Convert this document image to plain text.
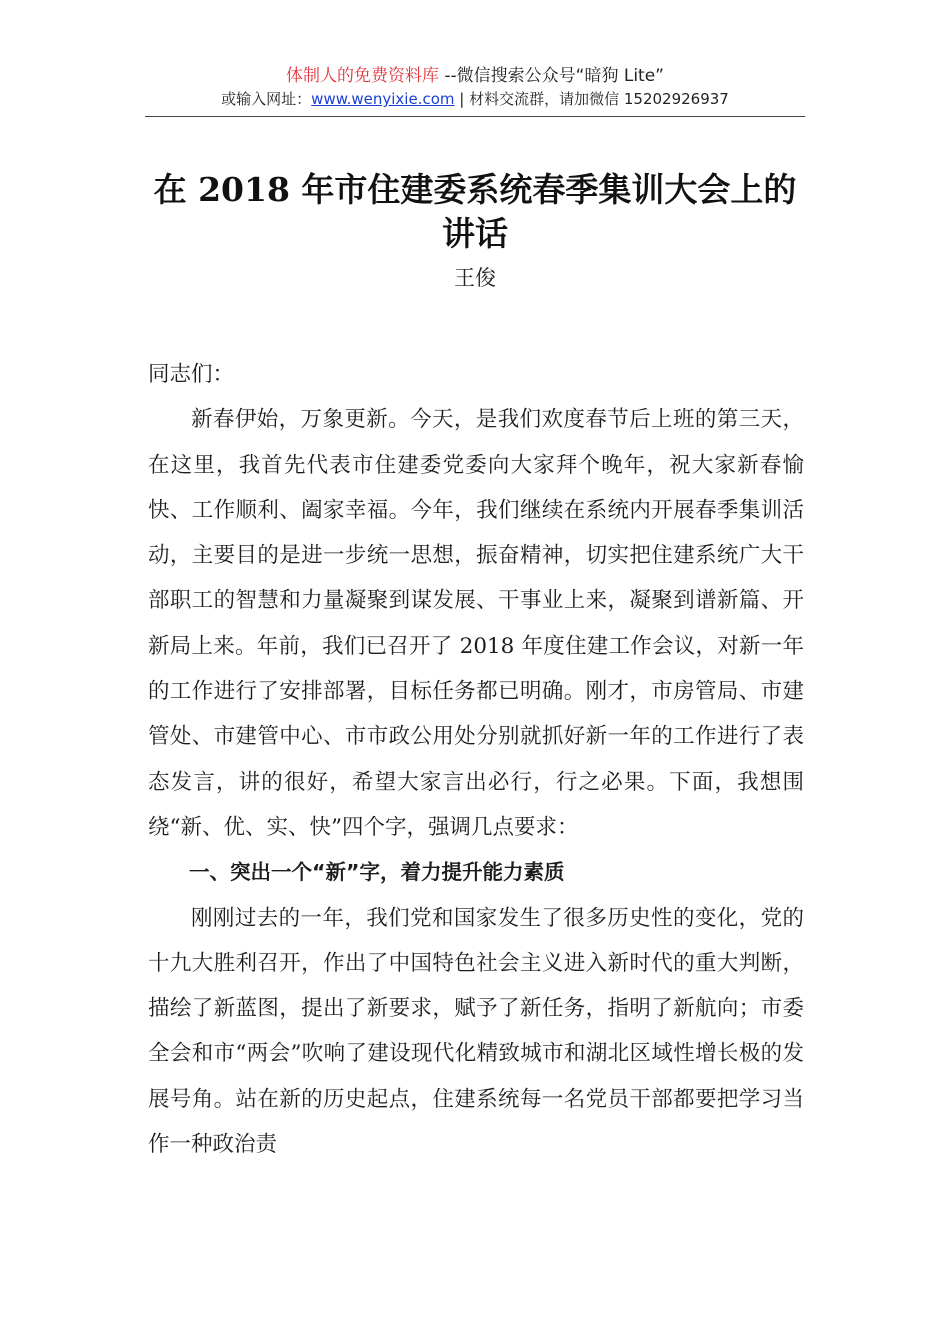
体制人的免费资料库 --微信搜索公众号“暗狗 Lite”
或输入网址：www.wenyixie.com | 材料交流群，请加微信 15202926937
在 2018 年市住建委系统春季集训大会上的讲话
王俊

同志们：

新春伊始，万象更新。今天，是我们欢度春节后上班的第三天，在这里，我首先代表市住建委党委向大家拜个晚年，祝大家新春愉快、工作顺利、阖家幸福。今年，我们继续在系统内开展春季集训活动，主要目的是进一步统一思想，振奋精神，切实把住建系统广大干部职工的智慧和力量凝聚到谋发展、干事业上来，凝聚到谱新篇、开新局上来。年前，我们已召开了 2018 年度住建工作会议，对新一年的工作进行了安排部署，目标任务都已明确。刚才，市房管局、市建管处、市建管中心、市市政公用处分别就抓好新一年的工作进行了表态发言，讲的很好，希望大家言出必行，行之必果。下面，我想围绕“新、优、实、快”四个字，强调几点要求：

一、突出一个“新”字，着力提升能力素质

刚刚过去的一年，我们党和国家发生了很多历史性的变化，党的十九大胜利召开，作出了中国特色社会主义进入新时代的重大判断，描绘了新蓝图，提出了新要求，赋予了新任务，指明了新航向；市委全会和市“两会”吹响了建设现代化精致城市和湖北区域性增长极的发展号角。站在新的历史起点，住建系统每一名党员干部都要把学习当作一种政治责
